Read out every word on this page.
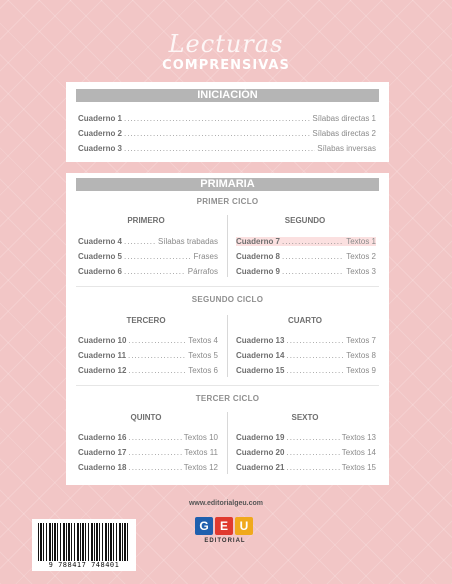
Lecturas
COMPRENSIVAS
INICIACIÓN
Cuaderno 1 .....	Sílabas directas 1
Cuaderno 2 .....	Sílabas directas 2
Cuaderno 3 .....	Sílabas inversas
PRIMARIA
PRIMER CICLO
PRIMERO	SEGUNDO
Cuaderno 4 .....	Sílabas trabadas
Cuaderno 5 .....	Frases
Cuaderno 6 .....	Párrafos
Cuaderno 7 .....	Textos 1
Cuaderno 8 .....	Textos 2
Cuaderno 9 .....	Textos 3
SEGUNDO CICLO
TERCERO	CUARTO
Cuaderno 10 .....	Textos 4
Cuaderno 11 .....	Textos 5
Cuaderno 12 .....	Textos 6
Cuaderno 13 .....	Textos 7
Cuaderno 14 .....	Textos 8
Cuaderno 15 .....	Textos 9
TERCER CICLO
QUINTO	SEXTO
Cuaderno 16 .....	Textos 10
Cuaderno 17 .....	Textos 11
Cuaderno 18 .....	Textos 12
Cuaderno 19 .....	Textos 13
Cuaderno 20 .....	Textos 14
Cuaderno 21 .....	Textos 15
www.editorialgeu.com
G E U
EDITORIAL
9 788417 748401
